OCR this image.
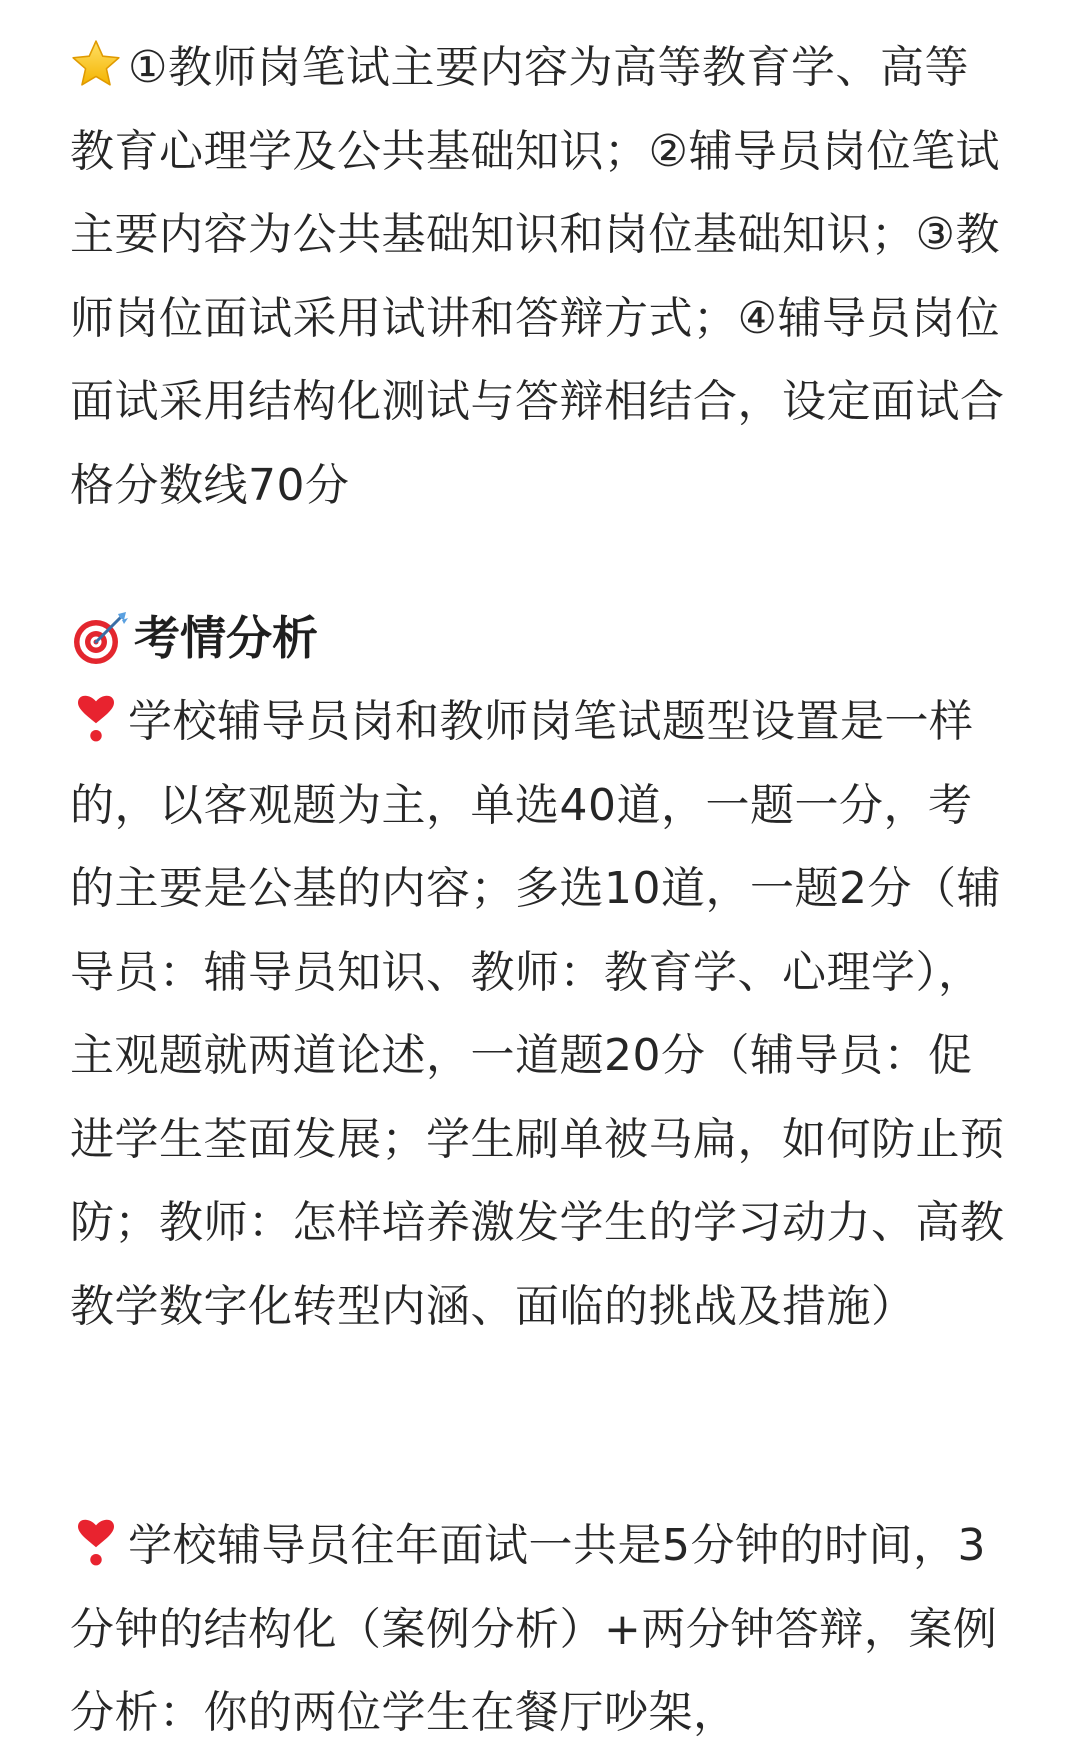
①教师岗笔试主要内容为高等教育学、高等教育心理学及公共基础知识；②辅导员岗位笔试主要内容为公共基础知识和岗位基础知识；③教师岗位面试采用试讲和答辩方式；④辅导员岗位面试采用结构化测试与答辩相结合，设定面试合格分数线70分

考情分析

学校辅导员岗和教师岗笔试题型设置是一样的，以客观题为主，单选40道，一题一分，考的主要是公基的内容；多选10道，一题2分（辅导员：辅导员知识、教师：教育学、心理学），主观题就两道论述，一道题20分（辅导员：促进学生荃面发展；学生刷单被马扁，如何防止预防；教师：怎样培养激发学生的学习动力、高教教学数字化转型内涵、面临的挑战及措施）

学校辅导员往年面试一共是5分钟的时间，3分钟的结构化（案例分析）+两分钟答辩，案例分析：你的两位学生在餐厅吵架，
